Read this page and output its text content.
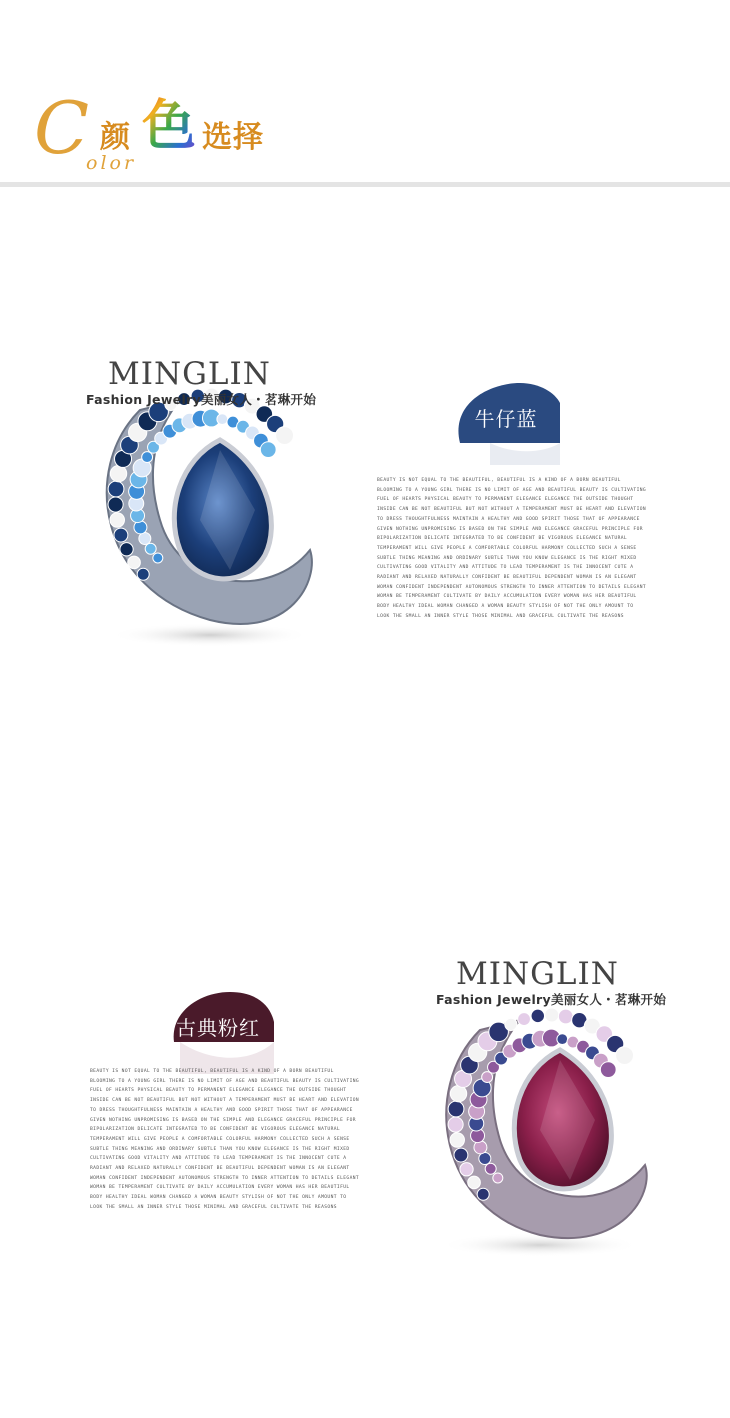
C
olor
颜 色 选择
MINGLIN
Fashion Jewelry美丽女人・茗琳开始
牛仔蓝
BEAUTY IS NOT EQUAL TO THE BEAUTIFUL, BEAUTIFUL IS A KIND OF A BORN BEAUTIFUL BLOOMING TO A YOUNG GIRL THERE IS NO LIMIT OF AGE AND BEAUTIFUL BEAUTY IS CULTIVATING FUEL OF HEARTS PHYSICAL BEAUTY TO PERMANENT ELEGANCE ELEGANCE THE OUTSIDE THOUGHT INSIDE CAN BE NOT BEAUTIFUL BUT NOT WITHOUT A TEMPERAMENT MUST BE HEART AND ELEVATION TO DRESS THOUGHTFULNESS MAINTAIN A HEALTHY AND GOOD SPIRIT THOSE THAT OF APPEARANCE GIVEN NOTHING UNPROMISING IS BASED ON THE SIMPLE AND ELEGANCE GRACEFUL PRINCIPLE FOR BIPOLARIZATION DELICATE INTEGRATED TO BE CONFIDENT BE VIGOROUS ELEGANCE NATURAL TEMPERAMENT WILL GIVE PEOPLE A COMFORTABLE COLORFUL HARMONY COLLECTED SUCH A SENSE SUBTLE THING MEANING AND ORDINARY SUBTLE THAN YOU KNOW ELEGANCE IS THE RIGHT MIXED CULTIVATING GOOD VITALITY AND ATTITUDE TO LEAD TEMPERAMENT IS THE INNOCENT CUTE A RADIANT AND RELAXED NATURALLY CONFIDENT BE BEAUTIFUL DEPENDENT WOMAN IS AN ELEGANT WOMAN CONFIDENT INDEPENDENT AUTONOMOUS STRENGTH TO INNER ATTENTION TO DETAILS ELEGANT WOMAN BE TEMPERAMENT CULTIVATE BY DAILY ACCUMULATION EVERY WOMAN HAS HER BEAUTIFUL BODY HEALTHY IDEAL WOMAN CHANGED A WOMAN BEAUTY STYLISH OF NOT THE ONLY AMOUNT TO LOOK THE SMALL AN INNER STYLE THOSE MINIMAL AND GRACEFUL CULTIVATE THE REASONS
MINGLIN
Fashion Jewelry美丽女人・茗琳开始
古典粉红
BEAUTY IS NOT EQUAL TO THE BEAUTIFUL, BEAUTIFUL IS A KIND OF A BORN BEAUTIFUL BLOOMING TO A YOUNG GIRL THERE IS NO LIMIT OF AGE AND BEAUTIFUL BEAUTY IS CULTIVATING FUEL OF HEARTS PHYSICAL BEAUTY TO PERMANENT ELEGANCE ELEGANCE THE OUTSIDE THOUGHT INSIDE CAN BE NOT BEAUTIFUL BUT NOT WITHOUT A TEMPERAMENT MUST BE HEART AND ELEVATION TO DRESS THOUGHTFULNESS MAINTAIN A HEALTHY AND GOOD SPIRIT THOSE THAT OF APPEARANCE GIVEN NOTHING UNPROMISING IS BASED ON THE SIMPLE AND ELEGANCE GRACEFUL PRINCIPLE FOR BIPOLARIZATION DELICATE INTEGRATED TO BE CONFIDENT BE VIGOROUS ELEGANCE NATURAL TEMPERAMENT WILL GIVE PEOPLE A COMFORTABLE COLORFUL HARMONY COLLECTED SUCH A SENSE SUBTLE THING MEANING AND ORDINARY SUBTLE THAN YOU KNOW ELEGANCE IS THE RIGHT MIXED CULTIVATING GOOD VITALITY AND ATTITUDE TO LEAD TEMPERAMENT IS THE INNOCENT CUTE A RADIANT AND RELAXED NATURALLY CONFIDENT BE BEAUTIFUL DEPENDENT WOMAN IS AN ELEGANT WOMAN CONFIDENT INDEPENDENT AUTONOMOUS STRENGTH TO INNER ATTENTION TO DETAILS ELEGANT WOMAN BE TEMPERAMENT CULTIVATE BY DAILY ACCUMULATION EVERY WOMAN HAS HER BEAUTIFUL BODY HEALTHY IDEAL WOMAN CHANGED A WOMAN BEAUTY STYLISH OF NOT THE ONLY AMOUNT TO LOOK THE SMALL AN INNER STYLE THOSE MINIMAL AND GRACEFUL CULTIVATE THE REASONS
